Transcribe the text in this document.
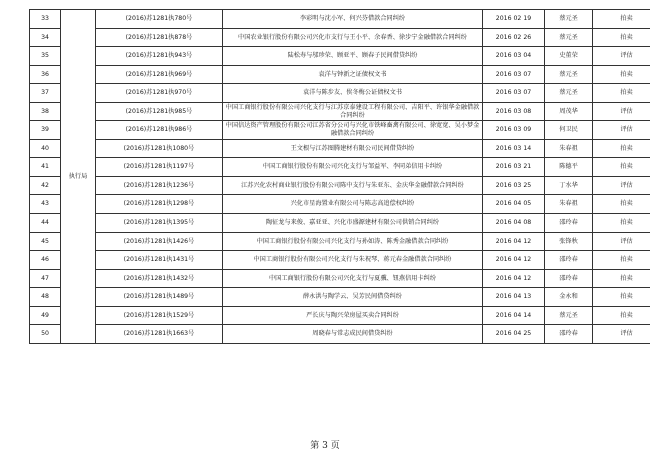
33	执行局	(2016)苏1281执780号	李彩明与沈小军、何兴芬借款合同纠纷	2016 02 19	蔡元圣	拍卖
34		(2016)苏1281执878号	中国农业银行股份有限公司兴化市支行与王小平、余春香、徐步宁金融借款合同纠纷	2016 02 26	蔡元圣	拍卖
35		(2016)苏1281执943号	陆松寿与邬珍荣、顾亚平、顾春子民间借贷纠纷	2016 03 04	史董荣	评估
36		(2016)苏1281执969号	袁洋与钟新之证债权文书	2016 03 07	蔡元圣	拍卖
37		(2016)苏1281执970号	袁洋与陈步友、俟冬梅公证债权文书	2016 03 07	蔡元圣	拍卖
38		(2016)苏1281执985号	中国工商银行股份有限公司兴化支行与江苏京泰建设工程有限公司、吉阳平、许银华金融借款合同纠纷	2016 03 08	周茂华	评估
39		(2016)苏1281执986号	中国信达资产管理股份有限公司江苏省分公司与兴化市铁峰畜禽有限公司、徐宽宽、吴小梦金融借款合同纠纷	2016 03 09	何卫民	评估
40		(2016)苏1281执1080号	王文根与江苏图腾建材有限公司民间借贷纠纷	2016 03 14	朱春祖	拍卖
41		(2016)苏1281执1197号	中国工商银行股份有限公司兴化支行与邹益军、李同弟信用卡纠纷	2016 03 21	陈德平	拍卖
42		(2016)苏1281执1236号	江苏兴化农村商业银行股份有限公司陈中支行与朱亚东、金庆华金融借款合同纠纷	2016 03 25	丁水华	评估
43		(2016)苏1281执1298号	兴化市星海置业有限公司与陈志高追偿权纠纷	2016 04 05	朱春祖	拍卖
44		(2016)苏1281执1395号	陶征龙与来俊、嘉亚亚、兴化市盛源建材有限公司供销合同纠纷	2016 04 08	邵玲春	拍卖
45		(2016)苏1281执1426号	中国工商银行股份有限公司兴化支行与孙如涛、陈秀金融借款合同纠纷	2016 04 12	张锋秋	评估
46		(2016)苏1281执1431号	中国工商银行股份有限公司兴化支行与朱祝琴、蒋元春金融借款合同纠纷	2016 04 12	邵玲春	拍卖
47		(2016)苏1281执1432号	中国工商银行股份有限公司兴化支行与夏骥、钮燕信用卡纠纷	2016 04 12	邵玲春	拍卖
48		(2016)苏1281执1489号	薛永洪与陶学云、吴芳民间借贷纠纷	2016 04 13	金永和	拍卖
49		(2016)苏1281执1529号	严长庆与陶兴荣房屋买卖合同纠纷	2016 04 14	蔡元圣	拍卖
50		(2016)苏1281执1663号	周晓春与常志成民间借贷纠纷	2016 04 25	邵玲春	评估
第 3 页
